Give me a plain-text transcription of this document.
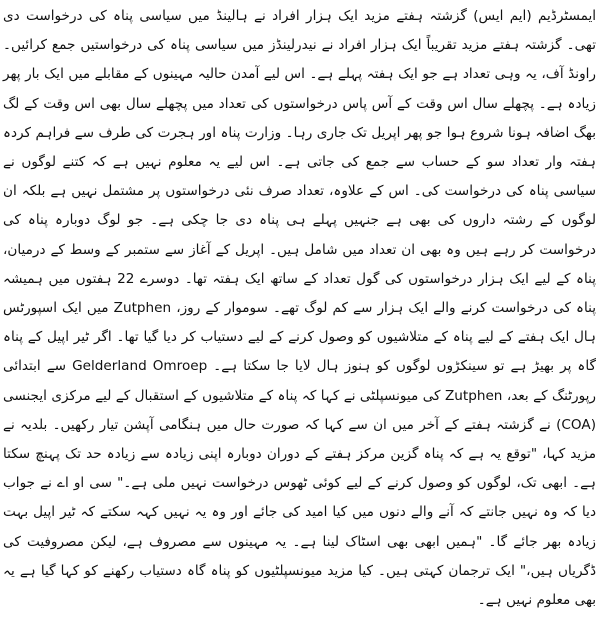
ایمسٹرڈیم (ایم ایس) گزشتہ ہفتے مزید ایک ہزار افراد نے ہالینڈ میں سیاسی پناہ کی درخواست دی تھی۔ گزشتہ ہفتے مزید تقریباً ایک ہزار افراد نے نیدرلینڈز میں سیاسی پناہ کی درخواستیں جمع کرائیں۔ راونڈ آف، یہ وہی تعداد ہے جو ایک ہفتہ پہلے ہے۔ اس لیے آمدن حالیہ مہینوں کے مقابلے میں ایک بار پھر زیادہ ہے۔ پچھلے سال اس وقت کے آس پاس درخواستوں کی تعداد میں پچھلے سال بھی اس وقت کے لگ بھگ اضافہ ہونا شروع ہوا جو پھر اپریل تک جاری رہا۔ وزارت پناہ اور ہجرت کی طرف سے فراہم کردہ ہفتہ وار تعداد سو کے حساب سے جمع کی جاتی ہے۔ اس لیے یہ معلوم نہیں ہے کہ کتنے لوگوں نے سیاسی پناہ کی درخواست کی۔ اس کے علاوہ، تعداد صرف نئی درخواستوں پر مشتمل نہیں ہے بلکہ ان لوگوں کے رشتہ داروں کی بھی ہے جنہیں پہلے ہی پناہ دی جا چکی ہے۔ جو لوگ دوبارہ پناہ کی درخواست کر رہے ہیں وہ بھی ان تعداد میں شامل ہیں۔ اپریل کے آغاز سے ستمبر کے وسط کے درمیان، پناہ کے لیے ایک ہزار درخواستوں کی گول تعداد کے ساتھ ایک ہفتہ تھا۔ دوسرے 22 ہفتوں میں ہمیشہ پناہ کی درخواست کرنے والے ایک ہزار سے کم لوگ تھے۔ سوموار کے روز، Zutphen میں ایک اسپورٹس ہال ایک ہفتے کے لیے پناہ کے متلاشیوں کو وصول کرنے کے لیے دستیاب کر دیا گیا تھا۔ اگر ٹیر اپیل کے پناہ گاہ پر بھیڑ ہے تو سینکڑوں لوگوں کو ہنوز ہال لایا جا سکتا ہے۔ Gelderland Omroep سے ابتدائی رپورٹنگ کے بعد، Zutphen کی میونسپلٹی نے کہا کہ پناہ کے متلاشیوں کے استقبال کے لیے مرکزی ایجنسی (COA) نے گزشتہ ہفتے کے آخر میں ان سے کہا کہ صورت حال میں ہنگامی آپشن تیار رکھیں۔ بلدیہ نے مزید کہا، "توقع یہ ہے کہ پناہ گزین مرکز ہفتے کے دوران دوبارہ اپنی زیادہ سے زیادہ حد تک پہنچ سکتا ہے۔ ابھی تک، لوگوں کو وصول کرنے کے لیے کوئی ٹھوس درخواست نہیں ملی ہے۔" سی او اے نے جواب دیا کہ وہ نہیں جانتے کہ آنے والے دنوں میں کیا امید کی جائے اور وہ یہ نہیں کہہ سکتے کہ ٹیر اپیل بہت زیادہ بھر جائے گا۔ "ہمیں ابھی بھی اسٹاک لینا ہے۔ یہ مہینوں سے مصروف ہے، لیکن مصروفیت کی ڈگریاں ہیں،" ایک ترجمان کہتی ہیں۔ کیا مزید میونسپلٹیوں کو پناہ گاہ دستیاب رکھنے کو کہا گیا ہے یہ بھی معلوم نہیں ہے۔
